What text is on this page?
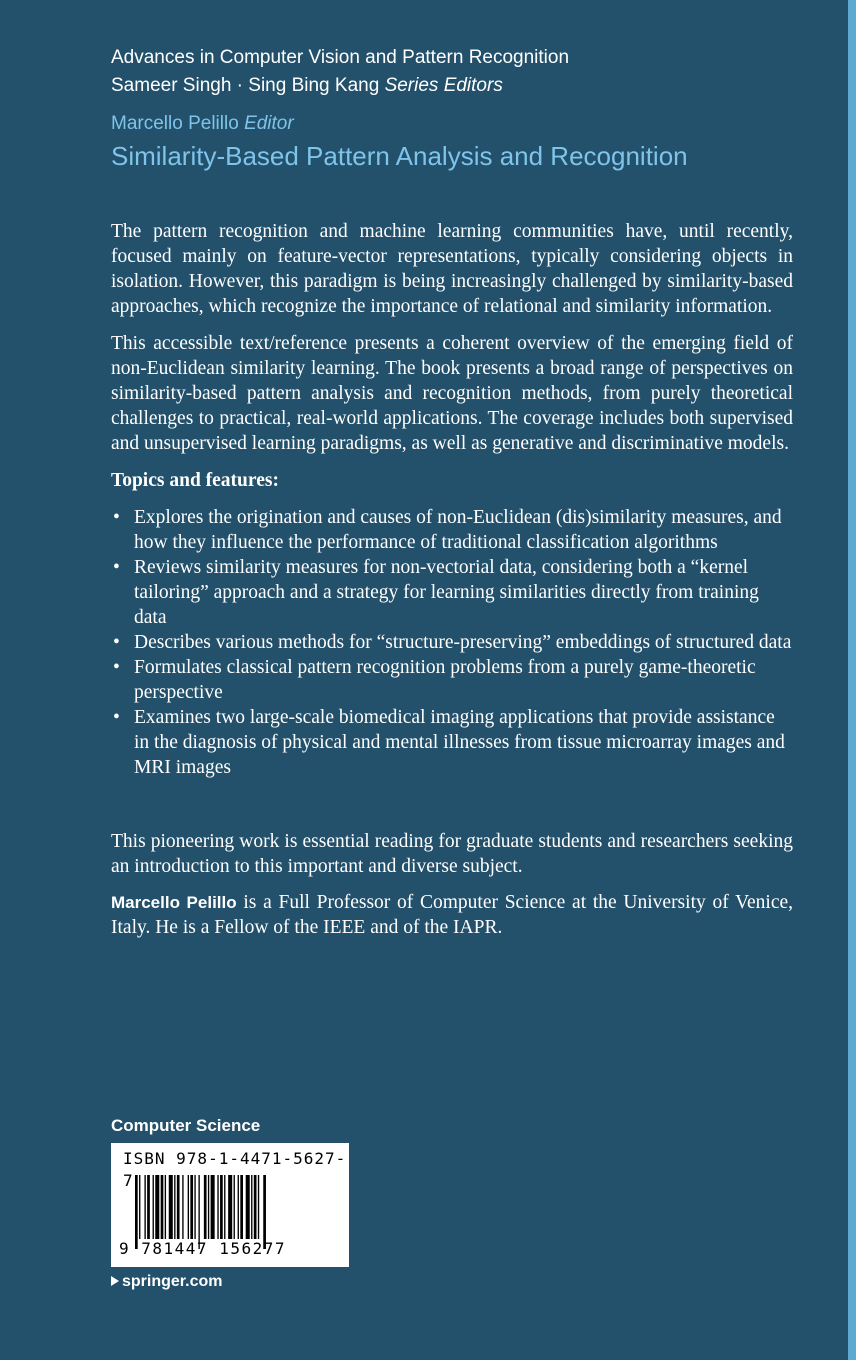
Advances in Computer Vision and Pattern Recognition
Sameer Singh · Sing Bing Kang Series Editors
Marcello Pelillo Editor
Similarity-Based Pattern Analysis and Recognition
The pattern recognition and machine learning communities have, until recently, focused mainly on feature-vector representations, typically considering objects in isolation. However, this paradigm is being increasingly challenged by similarity-based approaches, which recognize the importance of relational and similarity information.
This accessible text/reference presents a coherent overview of the emerging field of non-Euclidean similarity learning. The book presents a broad range of perspectives on similarity-based pattern analysis and recognition methods, from purely theoretical challenges to practical, real-world applications. The coverage includes both supervised and unsupervised learning paradigms, as well as generative and discriminative models.
Topics and features:
• Explores the origination and causes of non-Euclidean (dis)similarity measures, and how they influence the performance of traditional classification algorithms
• Reviews similarity measures for non-vectorial data, considering both a “kernel tailoring” approach and a strategy for learning similarities directly from training data
• Describes various methods for “structure-preserving” embeddings of structured data
• Formulates classical pattern recognition problems from a purely game-theoretic perspective
• Examines two large-scale biomedical imaging applications that provide assistance in the diagnosis of physical and mental illnesses from tissue microarray images and MRI images
This pioneering work is essential reading for graduate students and researchers seeking an introduction to this important and diverse subject.
Marcello Pelillo is a Full Professor of Computer Science at the University of Venice, Italy. He is a Fellow of the IEEE and of the IAPR.
Computer Science
ISBN 978-1-4471-5627-7
9 781447 156277
springer.com
